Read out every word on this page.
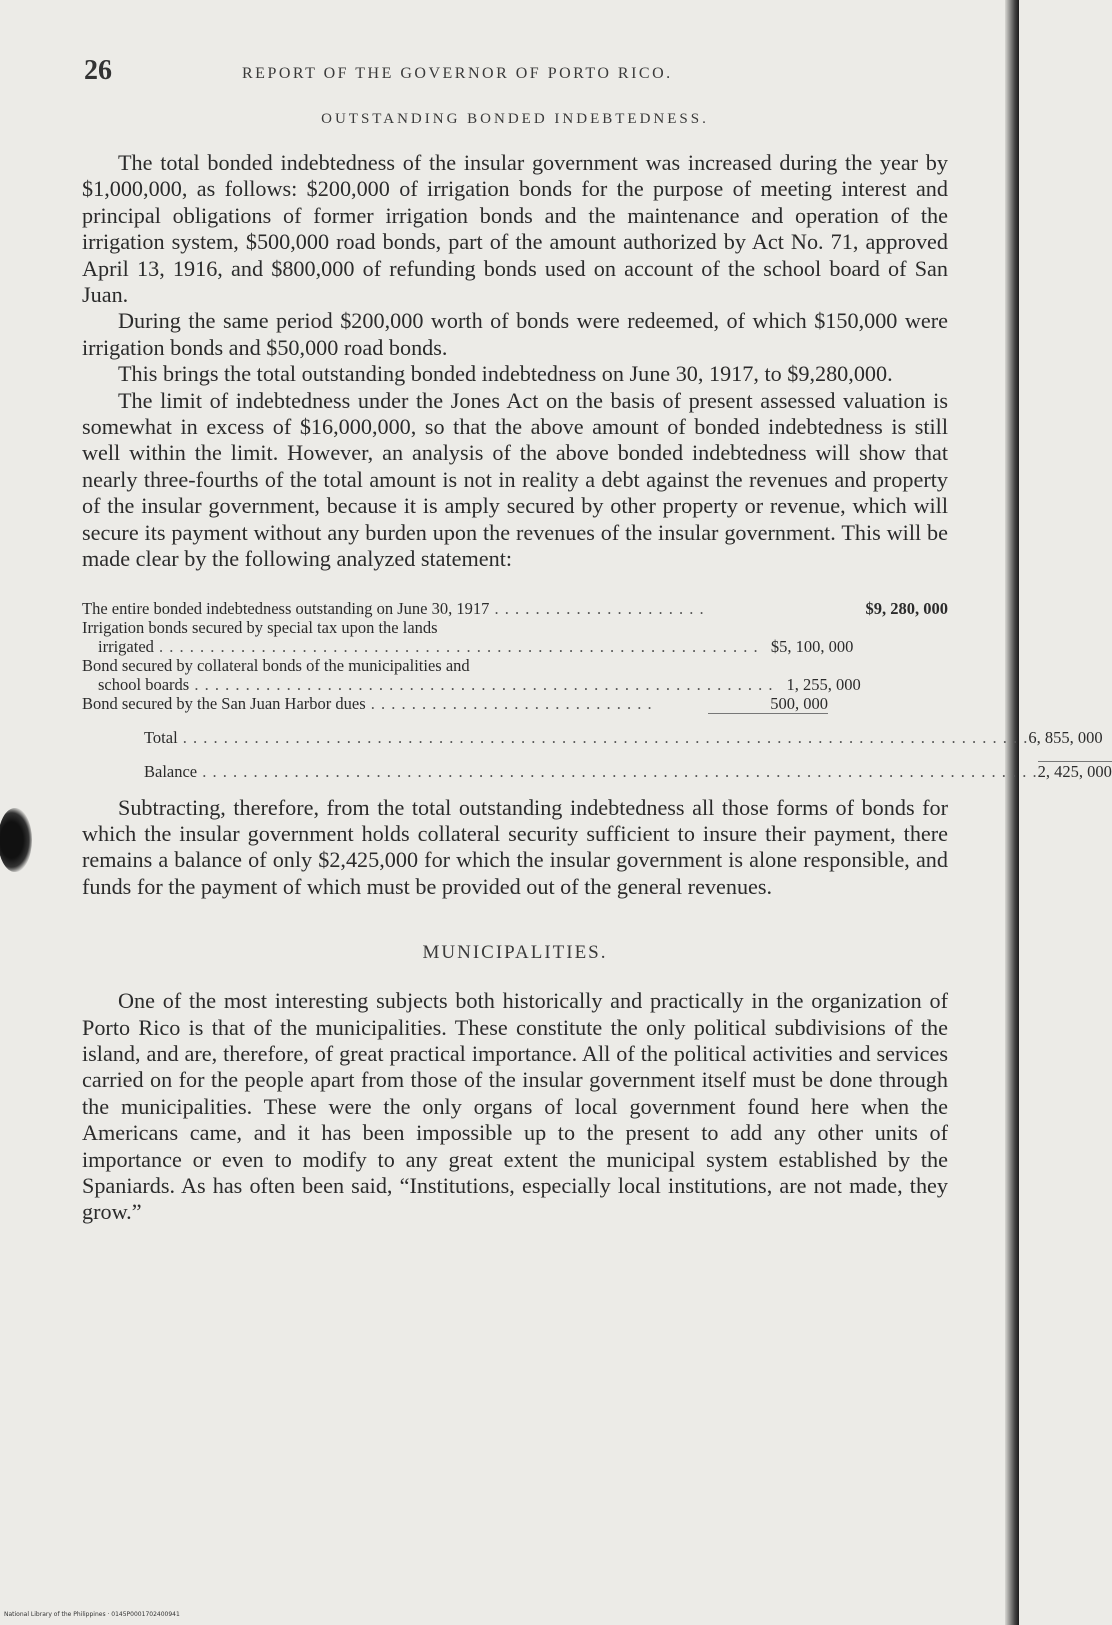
26	REPORT OF THE GOVERNOR OF PORTO RICO.
OUTSTANDING BONDED INDEBTEDNESS.

The total bonded indebtedness of the insular government was increased during the year by $1,000,000, as follows: $200,000 of irrigation bonds for the purpose of meeting interest and principal obligations of former irrigation bonds and the maintenance and operation of the irrigation system, $500,000 road bonds, part of the amount authorized by Act No. 71, approved April 13, 1916, and $800,000 of refunding bonds used on account of the school board of San Juan.

During the same period $200,000 worth of bonds were redeemed, of which $150,000 were irrigation bonds and $50,000 road bonds.

This brings the total outstanding bonded indebtedness on June 30, 1917, to $9,280,000.

The limit of indebtedness under the Jones Act on the basis of present assessed valuation is somewhat in excess of $16,000,000, so that the above amount of bonded indebtedness is still well within the limit. However, an analysis of the above bonded indebtedness will show that nearly three-fourths of the total amount is not in reality a debt against the revenues and property of the insular government, because it is amply secured by other property or revenue, which will secure its payment without any burden upon the revenues of the insular government. This will be made clear by the following analyzed statement:

The entire bonded indebtedness outstanding on June 30, 1917 . . . . . . . . . . . . . . . . . . . . .	$9, 280, 000
Irrigation bonds secured by special tax upon the lands
irrigated . . . . . . . . . . . . . . . . . . . . . . . . . . . . . . . . . . . . . . . . . . . . . . . . . . . . . . . . . . . $5, 100, 000
Bond secured by collateral bonds of the municipalities and
school boards . . . . . . . . . . . . . . . . . . . . . . . . . . . . . . . . . . . . . . . . . . . . . . . . . . . . . . . . . 1, 255, 000
Bond secured by the San Juan Harbor dues . . . . . . . . . . . . . . . . . . . . . . . . . . . .	500, 000
Total . . . . . . . . . . . . . . . . . . . . . . . . . . . . . . . . . . . . . . . . . . . . . . . . . . . . . . . . . . . . . . . . . . . . . . . . . . . . . . . . . . . 6, 855, 000
Balance . . . . . . . . . . . . . . . . . . . . . . . . . . . . . . . . . . . . . . . . . . . . . . . . . . . . . . . . . . . . . . . . . . . . . . . . . . . . . . . . . . 2, 425, 000

Subtracting, therefore, from the total outstanding indebtedness all those forms of bonds for which the insular government holds collateral security sufficient to insure their payment, there remains a balance of only $2,425,000 for which the insular government is alone responsible, and funds for the payment of which must be provided out of the general revenues.

MUNICIPALITIES.

One of the most interesting subjects both historically and practically in the organization of Porto Rico is that of the municipalities. These constitute the only political subdivisions of the island, and are, therefore, of great practical importance. All of the political activities and services carried on for the people apart from those of the insular government itself must be done through the municipalities. These were the only organs of local government found here when the Americans came, and it has been impossible up to the present to add any other units of importance or even to modify to any great extent the municipal system established by the Spaniards. As has often been said, “Institutions, especially local institutions, are not made, they grow.”

National Library of the Philippines · 0145P0001702400941
